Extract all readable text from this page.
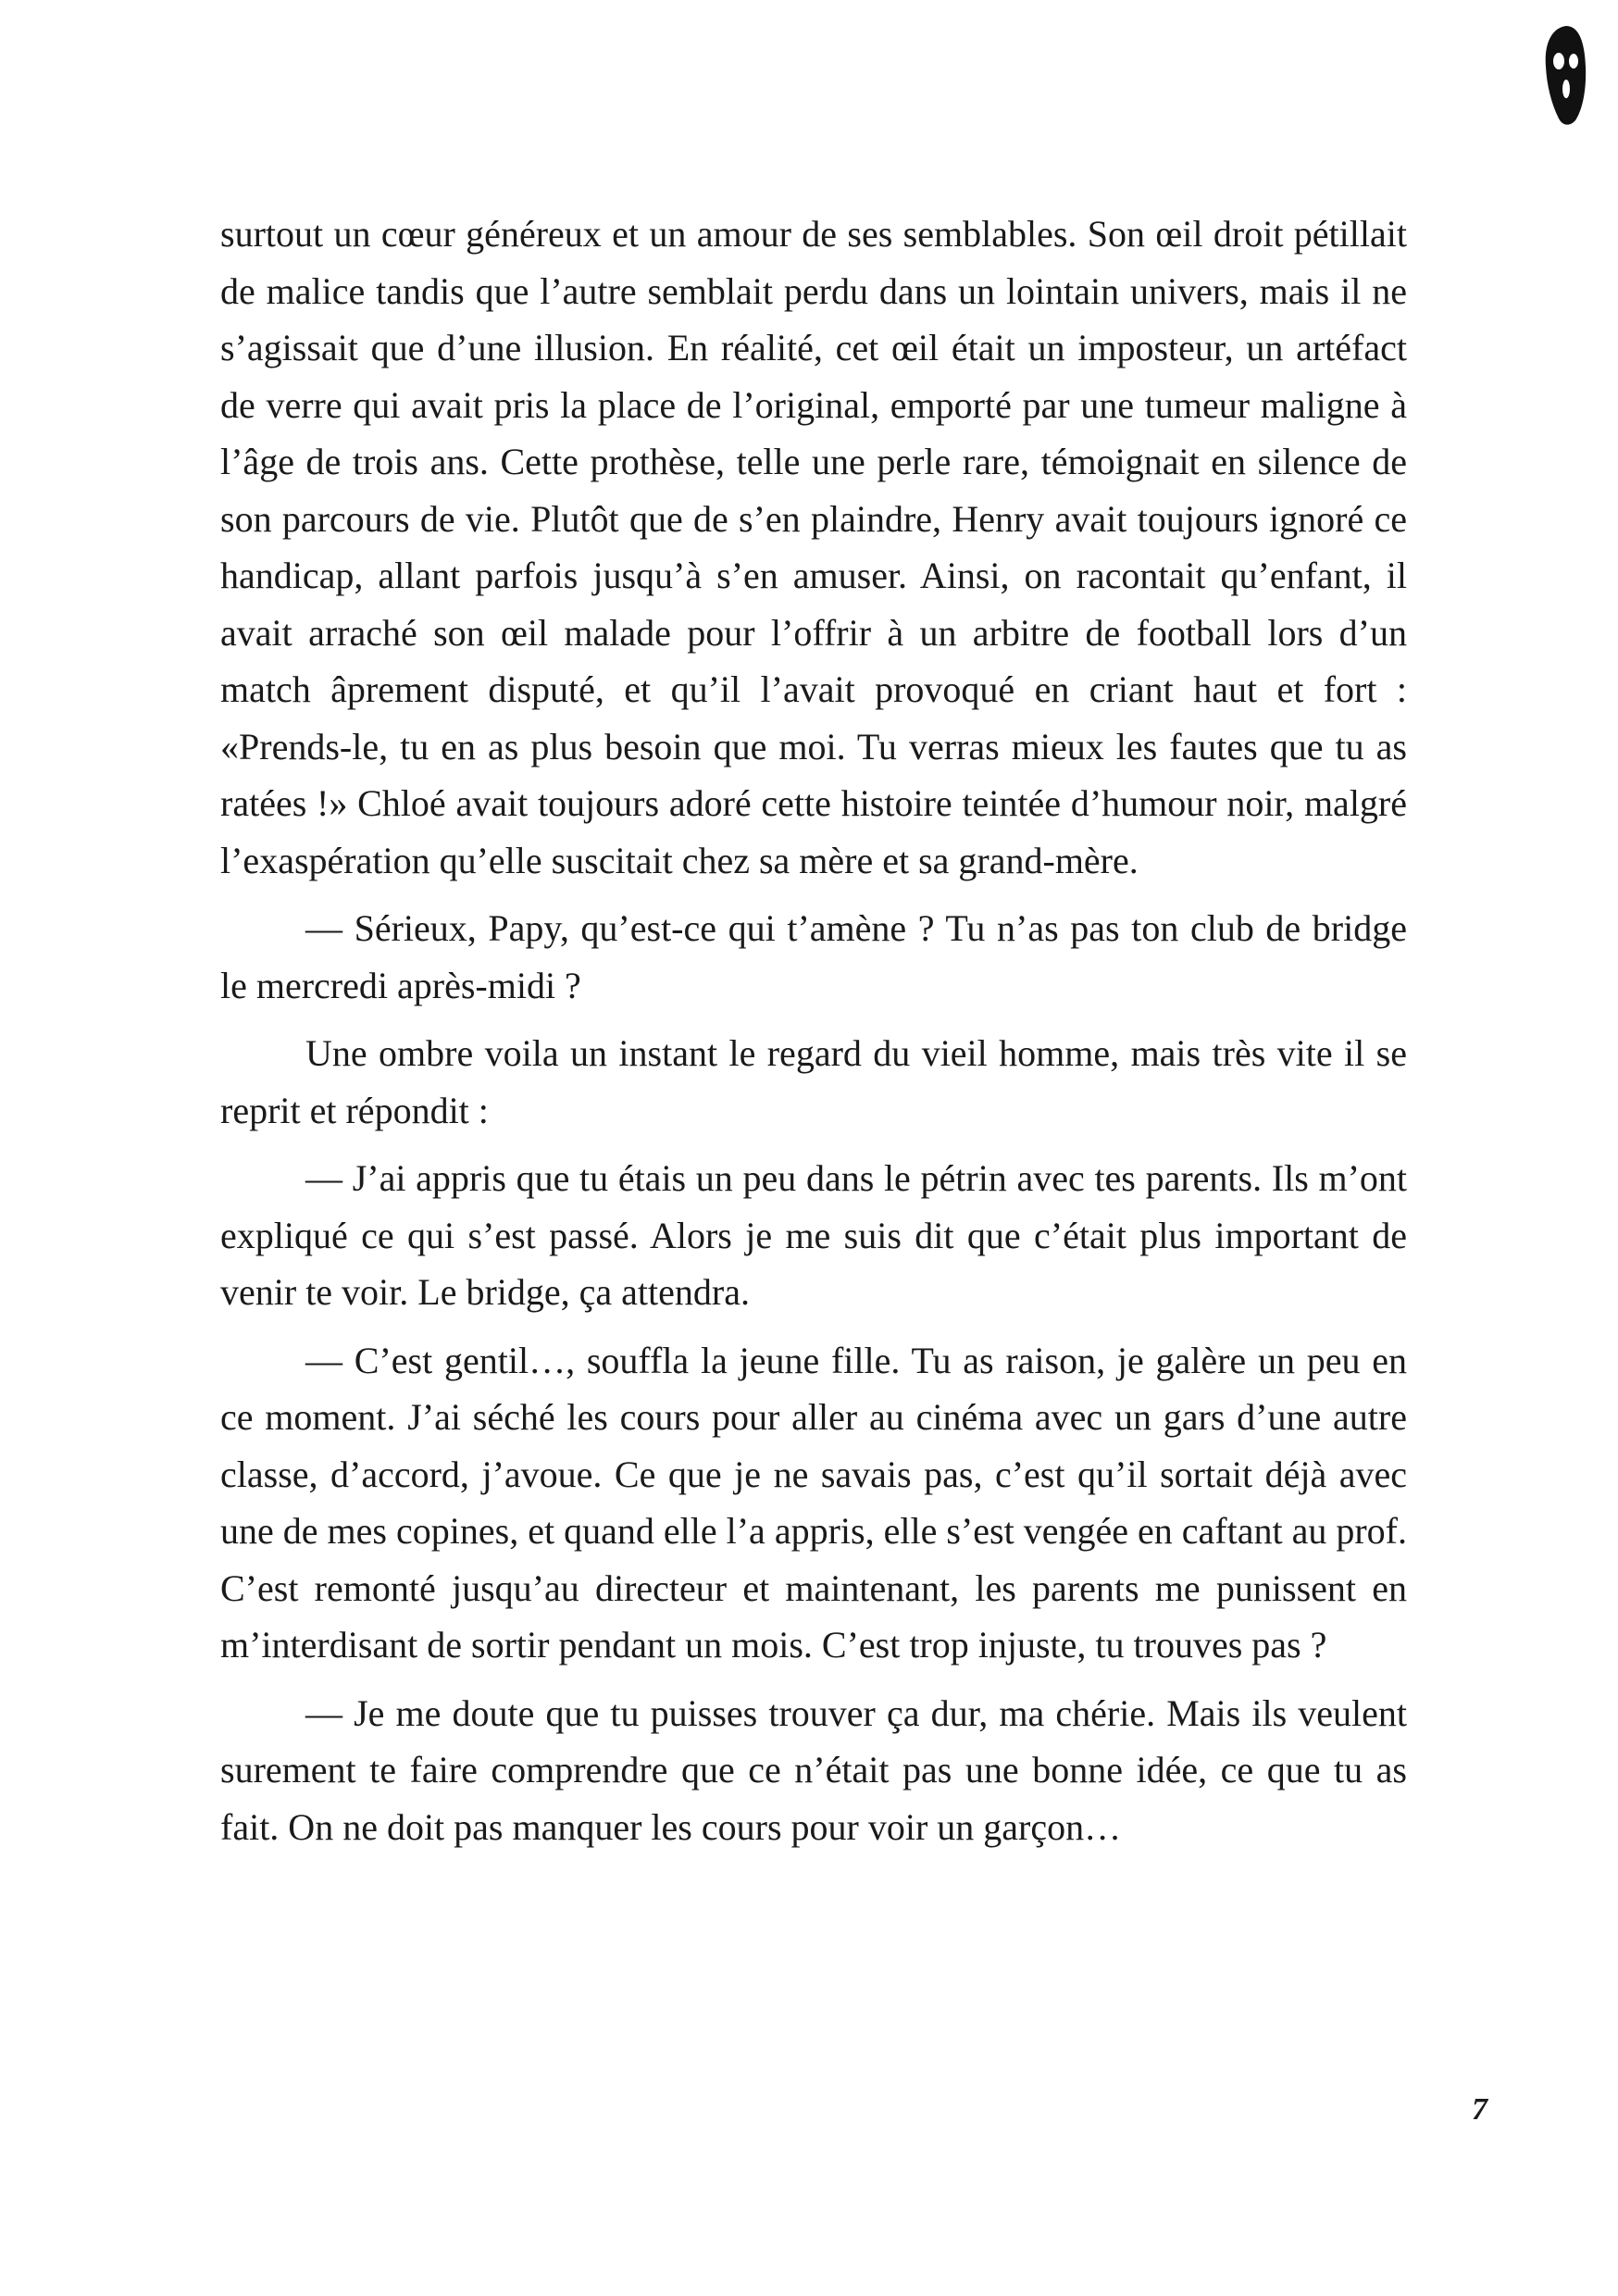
surtout un cœur généreux et un amour de ses semblables. Son œil droit pétillait de malice tandis que l’autre semblait perdu dans un lointain univers, mais il ne s’agissait que d’une illusion. En réalité, cet œil était un imposteur, un artéfact de verre qui avait pris la place de l’original, emporté par une tumeur maligne à l’âge de trois ans. Cette prothèse, telle une perle rare, témoignait en silence de son parcours de vie. Plutôt que de s’en plaindre, Henry avait toujours ignoré ce handicap, allant parfois jusqu’à s’en amuser. Ainsi, on racontait qu’enfant, il avait arraché son œil malade pour l’offrir à un arbitre de football lors d’un match âprement disputé, et qu’il l’avait provoqué en criant haut et fort : «Prends-le, tu en as plus besoin que moi. Tu verras mieux les fautes que tu as ratées !» Chloé avait toujours adoré cette histoire teintée d’humour noir, malgré l’exaspération qu’elle suscitait chez sa mère et sa grand-mère.

— Sérieux, Papy, qu’est-ce qui t’amène ? Tu n’as pas ton club de bridge le mercredi après-midi ?

Une ombre voila un instant le regard du vieil homme, mais très vite il se reprit et répondit :

— J’ai appris que tu étais un peu dans le pétrin avec tes parents. Ils m’ont expliqué ce qui s’est passé. Alors je me suis dit que c’était plus important de venir te voir. Le bridge, ça attendra.

— C’est gentil…, souffla la jeune fille. Tu as raison, je galère un peu en ce moment. J’ai séché les cours pour aller au cinéma avec un gars d’une autre classe, d’accord, j’avoue. Ce que je ne savais pas, c’est qu’il sortait déjà avec une de mes copines, et quand elle l’a appris, elle s’est vengée en caftant au prof. C’est remonté jusqu’au directeur et maintenant, les parents me punissent en m’interdisant de sortir pendant un mois. C’est trop injuste, tu trouves pas ?

— Je me doute que tu puisses trouver ça dur, ma chérie. Mais ils veulent surement te faire comprendre que ce n’était pas une bonne idée, ce que tu as fait. On ne doit pas manquer les cours pour voir un garçon…

7
